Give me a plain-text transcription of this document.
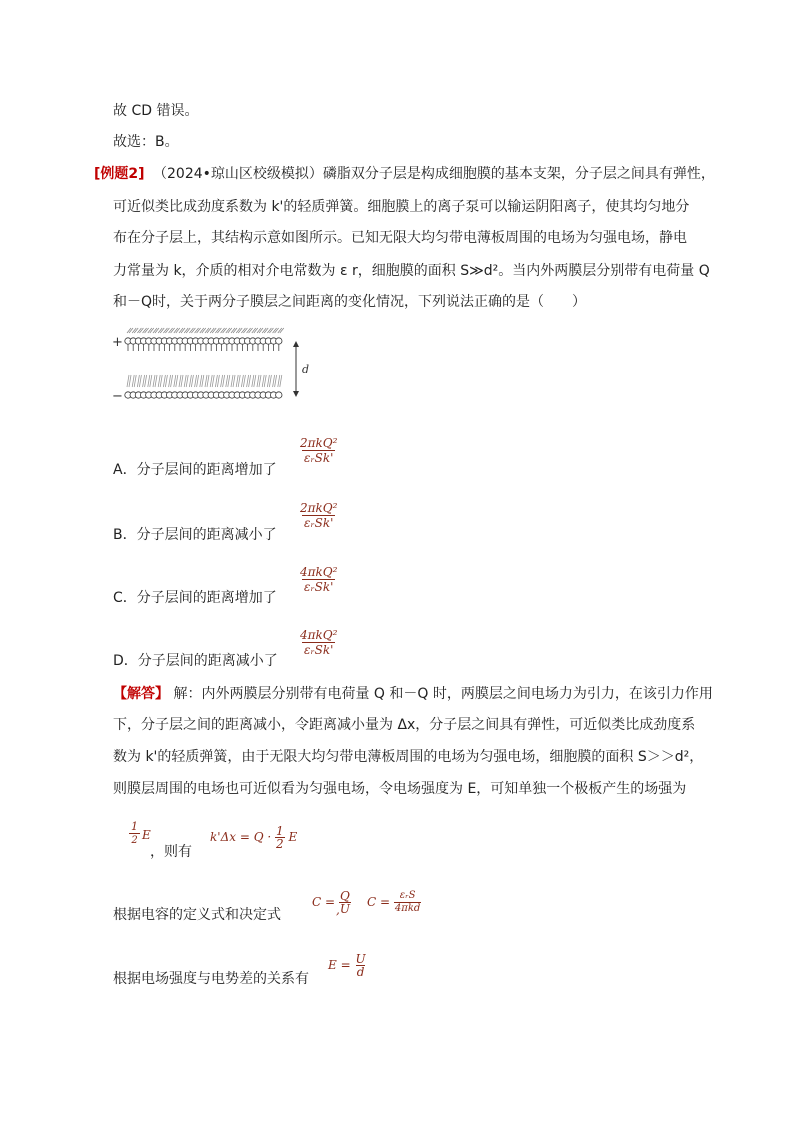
故 CD 错误。
故选：B。
[例题2] （2024•琼山区校级模拟）磷脂双分子层是构成细胞膜的基本支架，分子层之间具有弹性，
可近似类比成劲度系数为 k'的轻质弹簧。细胞膜上的离子泵可以输运阴阳离子，使其均匀地分
布在分子层上，其结构示意如图所示。已知无限大均匀带电薄板周围的电场为匀强电场，静电
力常量为 k，介质的相对介电常数为 ε r，细胞膜的面积 S≫d²。当内外两膜层分别带有电荷量 Q
和－Q时，关于两分子膜层之间距离的变化情况，下列说法正确的是（　　）
+
−
d
A．分子层间的距离增加了
2πkQ²
εᵣSk'
B．分子层间的距离减小了
2πkQ²
εᵣSk'
C．分子层间的距离增加了
4πkQ²
εᵣSk'
D．分子层间的距离减小了
4πkQ²
εᵣSk'
【解答】 解：内外两膜层分别带有电荷量 Q 和－Q 时，两膜层之间电场力为引力，在该引力作用
下，分子层之间的距离减小，令距离减小量为 Δx，分子层之间具有弹性，可近似类比成劲度系
数为 k'的轻质弹簧，由于无限大均匀带电薄板周围的电场为匀强电场，细胞膜的面积 S＞＞d²，
则膜层周围的电场也可近似看为匀强电场，令电场强度为 E，可知单独一个极板产生的场强为
$\frac{1}{2}$ E
，则有
$k'\Delta x = Q \cdot \frac{1}{2}$ E
$C = \frac{Q}{U}$
,
$C = \frac{\text{εᵣS}}{\text{4πkd}}$
根据电容的定义式和决定式
$E = \frac{U}{d}$
根据电场强度与电势差的关系有
